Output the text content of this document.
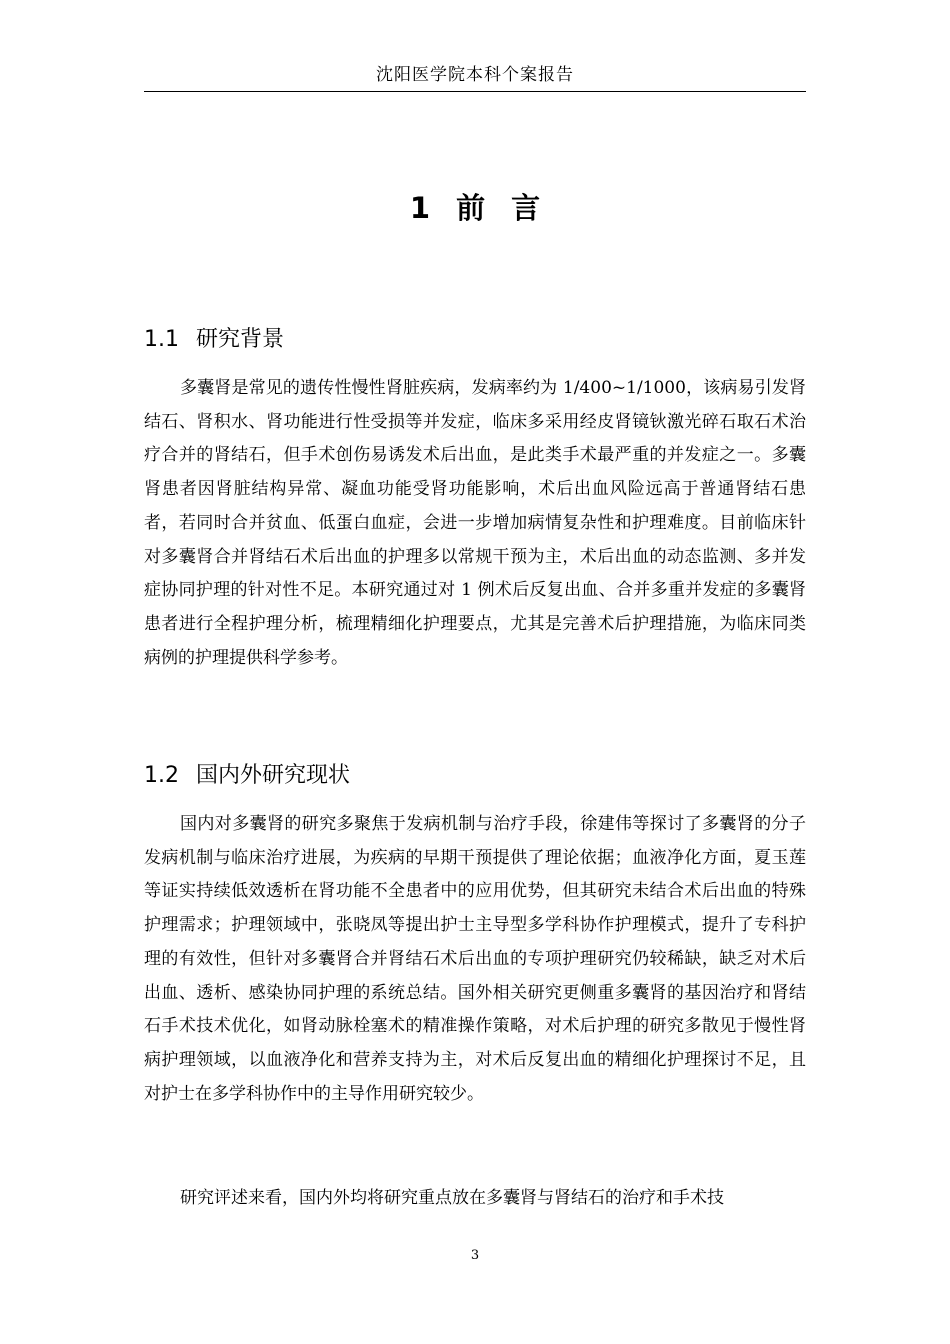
沈阳医学院本科个案报告
1 前 言
1.1 研究背景

多囊肾是常见的遗传性慢性肾脏疾病，发病率约为 1/400~1/1000，该病易引发肾结石、肾积水、肾功能进行性受损等并发症，临床多采用经皮肾镜钬激光碎石取石术治疗合并的肾结石，但手术创伤易诱发术后出血，是此类手术最严重的并发症之一。多囊肾患者因肾脏结构异常、凝血功能受肾功能影响，术后出血风险远高于普通肾结石患者，若同时合并贫血、低蛋白血症，会进一步增加病情复杂性和护理难度。目前临床针对多囊肾合并肾结石术后出血的护理多以常规干预为主，术后出血的动态监测、多并发症协同护理的针对性不足。本研究通过对 1 例术后反复出血、合并多重并发症的多囊肾患者进行全程护理分析，梳理精细化护理要点，尤其是完善术后护理措施，为临床同类病例的护理提供科学参考。

1.2 国内外研究现状

国内对多囊肾的研究多聚焦于发病机制与治疗手段，徐建伟等探讨了多囊肾的分子发病机制与临床治疗进展，为疾病的早期干预提供了理论依据；血液净化方面，夏玉莲等证实持续低效透析在肾功能不全患者中的应用优势，但其研究未结合术后出血的特殊护理需求；护理领域中，张晓凤等提出护士主导型多学科协作护理模式，提升了专科护理的有效性，但针对多囊肾合并肾结石术后出血的专项护理研究仍较稀缺，缺乏对术后出血、透析、感染协同护理的系统总结。国外相关研究更侧重多囊肾的基因治疗和肾结石手术技术优化，如肾动脉栓塞术的精准操作策略，对术后护理的研究多散见于慢性肾病护理领域，以血液净化和营养支持为主，对术后反复出血的精细化护理探讨不足，且对护士在多学科协作中的主导作用研究较少。

研究评述来看，国内外均将研究重点放在多囊肾与肾结石的治疗和手术技

3
